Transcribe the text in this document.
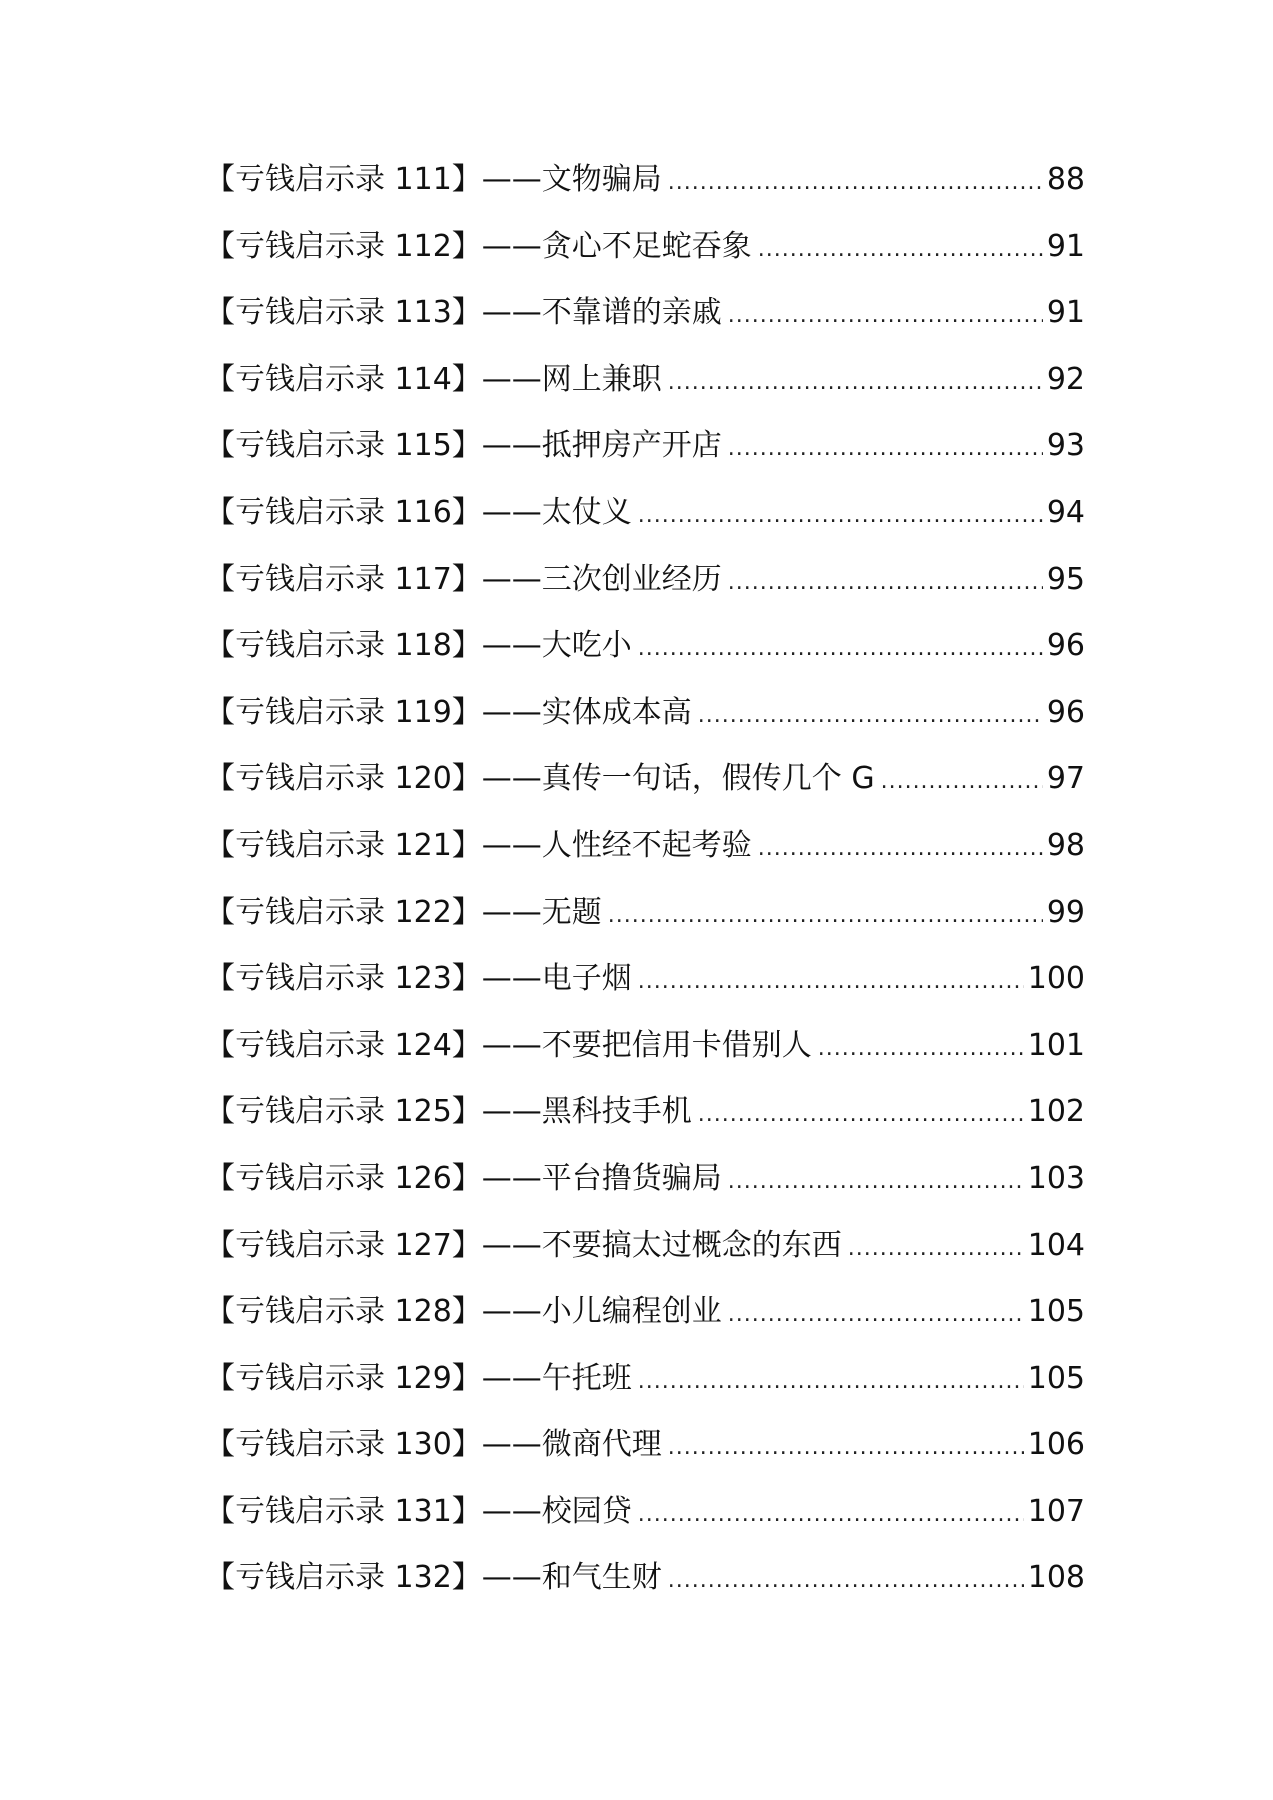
【亏钱启示录 111】——文物骗局 .....	88
【亏钱启示录 112】——贪心不足蛇吞象 .....	91
【亏钱启示录 113】——不靠谱的亲戚 .....	91
【亏钱启示录 114】——网上兼职 .....	92
【亏钱启示录 115】——抵押房产开店 .....	93
【亏钱启示录 116】——太仗义 .....	94
【亏钱启示录 117】——三次创业经历 .....	95
【亏钱启示录 118】——大吃小 .....	96
【亏钱启示录 119】——实体成本高 .....	96
【亏钱启示录 120】——真传一句话，假传几个 G .....	97
【亏钱启示录 121】——人性经不起考验 .....	98
【亏钱启示录 122】——无题 .....	99
【亏钱启示录 123】——电子烟 .....	100
【亏钱启示录 124】——不要把信用卡借别人 .....	101
【亏钱启示录 125】——黑科技手机 .....	102
【亏钱启示录 126】——平台撸货骗局 .....	103
【亏钱启示录 127】——不要搞太过概念的东西 .....	104
【亏钱启示录 128】——小儿编程创业 .....	105
【亏钱启示录 129】——午托班 .....	105
【亏钱启示录 130】——微商代理 .....	106
【亏钱启示录 131】——校园贷 .....	107
【亏钱启示录 132】——和气生财 .....	108
